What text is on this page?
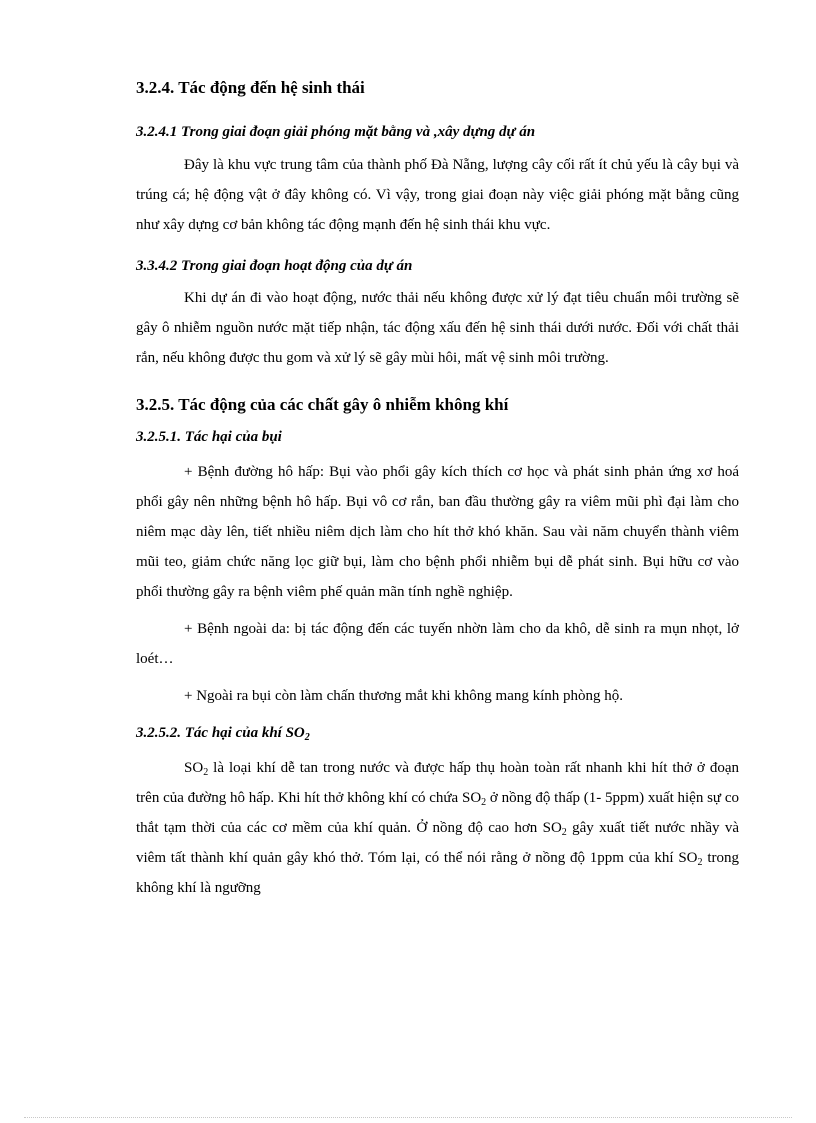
3.2.4. Tác động đến hệ sinh thái
3.2.4.1 Trong giai đoạn giải phóng mặt bằng và ,xây dựng dự án

Đây là khu vực trung tâm của thành phố Đà Nẵng, lượng cây cối rất ít chủ yếu là cây bụi và trúng cá; hệ động vật ở đây không có. Vì vậy, trong giai đoạn này việc giải phóng mặt bằng cũng như xây dựng cơ bản không tác động mạnh đến hệ sinh thái khu vực.

3.3.4.2 Trong giai đoạn hoạt động của dự án

Khi dự án đi vào hoạt động, nước thải nếu không được xử lý đạt tiêu chuẩn môi trường sẽ gây ô nhiễm nguồn nước mặt tiếp nhận, tác động xấu đến hệ sinh thái dưới nước. Đối với chất thải rắn, nếu không được thu gom và xử lý sẽ gây mùi hôi, mất vệ sinh môi trường.

3.2.5. Tác động của các chất gây ô nhiễm không khí
3.2.5.1. Tác hại của bụi

+ Bệnh đường hô hấp: Bụi vào phổi gây kích thích cơ học và phát sinh phản ứng xơ hoá phổi gây nên những bệnh hô hấp. Bụi vô cơ rắn, ban đầu thường gây ra viêm mũi phì đại làm cho niêm mạc dày lên, tiết nhiều niêm dịch làm cho hít thở khó khăn. Sau vài năm chuyển thành viêm mũi teo, giảm chức năng lọc giữ bụi, làm cho bệnh phổi nhiễm bụi dễ phát sinh. Bụi hữu cơ vào phổi thường gây ra bệnh viêm phế quản mãn tính nghề nghiệp.

+ Bệnh ngoài da: bị tác động đến các tuyến nhờn làm cho da khô, dễ sinh ra mụn nhọt, lở loét…

+ Ngoài ra bụi còn làm chấn thương mắt khi không mang kính phòng hộ.

3.2.5.2. Tác hại của khí $SO_2$

$SO_2$ là loại khí dễ tan trong nước và được hấp thụ hoàn toàn rất nhanh khi hít thở ở đoạn trên của đường hô hấp. Khi hít thở không khí có chứa $SO_2$ ở nồng độ thấp (1- 5ppm) xuất hiện sự co thắt tạm thời của các cơ mềm của khí quản. Ở nồng độ cao hơn $SO_2$ gây xuất tiết nước nhầy và viêm tất thành khí quản gây khó thở. Tóm lại, có thể nói rằng ở nồng độ 1ppm của khí $SO_2$ trong không khí là ngưỡng
